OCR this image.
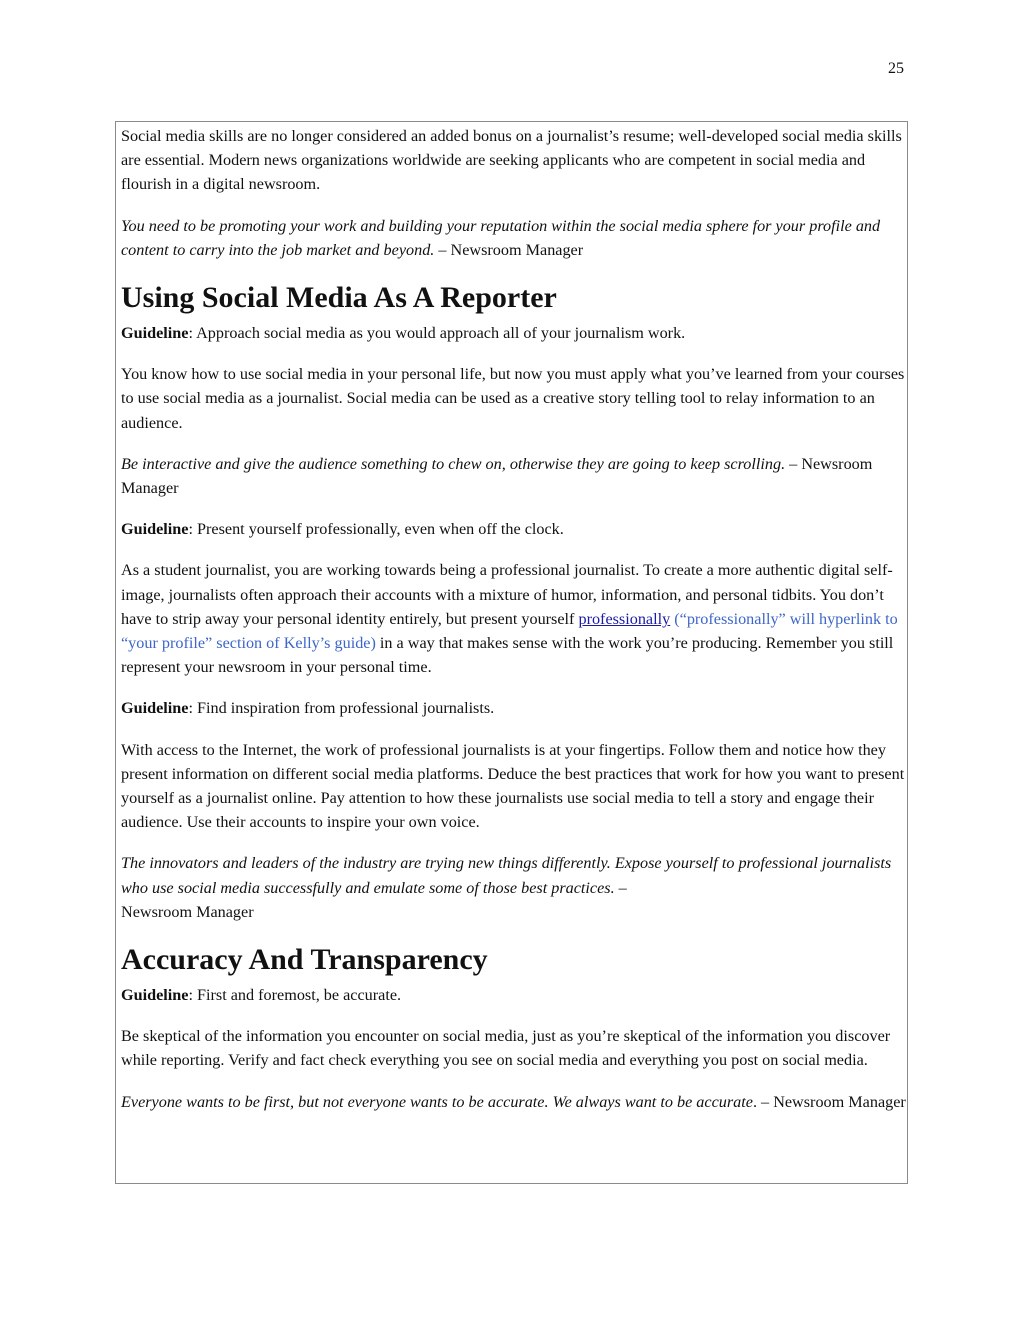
25

Social media skills are no longer considered an added bonus on a journalist’s resume; well-developed social media skills are essential. Modern news organizations worldwide are seeking applicants who are competent in social media and flourish in a digital newsroom.

You need to be promoting your work and building your reputation within the social media sphere for your profile and content to carry into the job market and beyond. – Newsroom Manager

Using Social Media As A Reporter

Guideline: Approach social media as you would approach all of your journalism work.

You know how to use social media in your personal life, but now you must apply what you’ve learned from your courses to use social media as a journalist. Social media can be used as a creative story telling tool to relay information to an audience.

Be interactive and give the audience something to chew on, otherwise they are going to keep scrolling. – Newsroom Manager

Guideline: Present yourself professionally, even when off the clock.

As a student journalist, you are working towards being a professional journalist. To create a more authentic digital self-image, journalists often approach their accounts with a mixture of humor, information, and personal tidbits. You don’t have to strip away your personal identity entirely, but present yourself professionally (“professionally” will hyperlink to “your profile” section of Kelly’s guide) in a way that makes sense with the work you’re producing. Remember you still represent your newsroom in your personal time.

Guideline: Find inspiration from professional journalists.

With access to the Internet, the work of professional journalists is at your fingertips. Follow them and notice how they present information on different social media platforms. Deduce the best practices that work for how you want to present yourself as a journalist online. Pay attention to how these journalists use social media to tell a story and engage their audience. Use their accounts to inspire your own voice.

The innovators and leaders of the industry are trying new things differently. Expose yourself to professional journalists who use social media successfully and emulate some of those best practices. –
Newsroom Manager

Accuracy And Transparency

Guideline: First and foremost, be accurate.

Be skeptical of the information you encounter on social media, just as you’re skeptical of the information you discover while reporting. Verify and fact check everything you see on social media and everything you post on social media.

Everyone wants to be first, but not everyone wants to be accurate. We always want to be accurate. – Newsroom Manager
